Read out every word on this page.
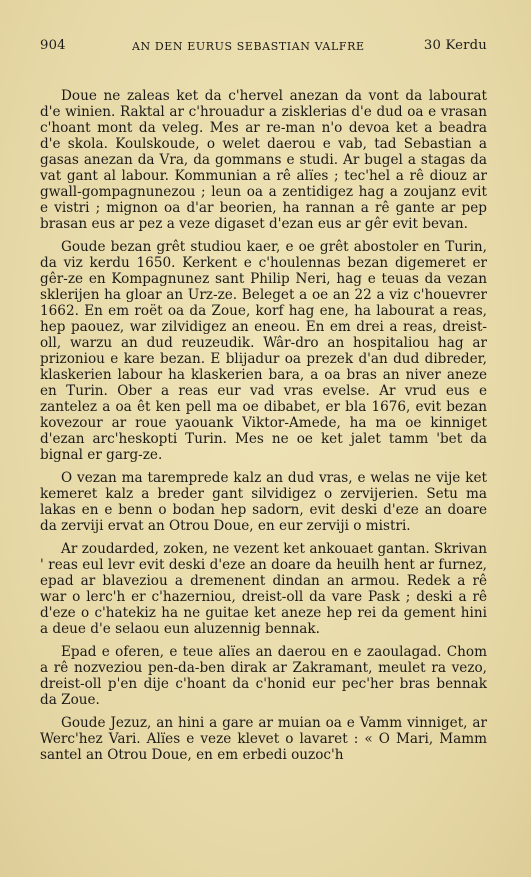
904	AN DEN EURUS SEBASTIAN VALFRE	30 Kerdu

Doue ne zaleas ket da c'hervel anezan da vont da labourat d'e winien. Raktal ar c'hrouadur a zisklerias d'e dud oa e vrasan c'hoant mont da veleg. Mes ar re-man n'o devoa ket a beadra d'e skola. Koulskoude, o welet daerou e vab, tad Sebastian a gasas anezan da Vra, da gommans e studi. Ar bugel a stagas da vat gant al labour. Kommunian a rê alïes ; tec'hel a rê diouz ar gwall-gompagnunezou ; leun oa a zentidigez hag a zoujanz evit e vistri ; mignon oa d'ar beorien, ha rannan a rê gante ar pep brasan eus ar pez a veze digaset d'ezan eus ar gêr evit bevan.

Goude bezan grêt studiou kaer, e oe grêt abostoler en Turin, da viz kerdu 1650. Kerkent e c'houlennas bezan digemeret er gêr-ze en Kompagnunez sant Philip Neri, hag e teuas da vezan sklerijen ha gloar an Urz-ze. Beleget a oe an 22 a viz c'houevrer 1662. En em roët oa da Zoue, korf hag ene, ha labourat a reas, hep paouez, war zilvidigez an eneou. En em drei a reas, dreist-oll, warzu an dud reuzeudik. Wâr-dro an hospitaliou hag ar prizoniou e kare bezan. E blijadur oa prezek d'an dud dibreder, klaskerien labour ha klaskerien bara, a oa bras an niver aneze en Turin. Ober a reas eur vad vras evelse. Ar vrud eus e zantelez a oa êt ken pell ma oe dibabet, er bla 1676, evit bezan kovezour ar roue yaouank Viktor-Amede, ha ma oe kinniget d'ezan arc'heskopti Turin. Mes ne oe ket jalet tamm 'bet da bignal er garg-ze.

O vezan ma taremprede kalz an dud vras, e welas ne vije ket kemeret kalz a breder gant silvidigez o zervijerien. Setu ma lakas en e benn o bodan hep sadorn, evit deski d'eze an doare da zerviji ervat an Otrou Doue, en eur zerviji o mistri.

Ar zoudarded, zoken, ne vezent ket ankouaet gantan. Skrivan ' reas eul levr evit deski d'eze an doare da heuilh hent ar furnez, epad ar blaveziou a dremenent dindan an armou. Redek a rê war o lerc'h er c'hazerniou, dreist-oll da vare Pask ; deski a rê d'eze o c'hatekiz ha ne guitae ket aneze hep rei da gement hini a deue d'e selaou eun aluzennig bennak.

Epad e oferen, e teue alïes an daerou en e zaoulagad. Chom a rê nozveziou pen-da-ben dirak ar Zakramant, meulet ra vezo, dreist-oll p'en dije c'hoant da c'honid eur pec'her bras bennak da Zoue.

Goude Jezuz, an hini a gare ar muian oa e Vamm vinniget, ar Werc'hez Vari. Alïes e veze klevet o lavaret : « O Mari, Mamm santel an Otrou Doue, en em erbedi ouzoc'h
